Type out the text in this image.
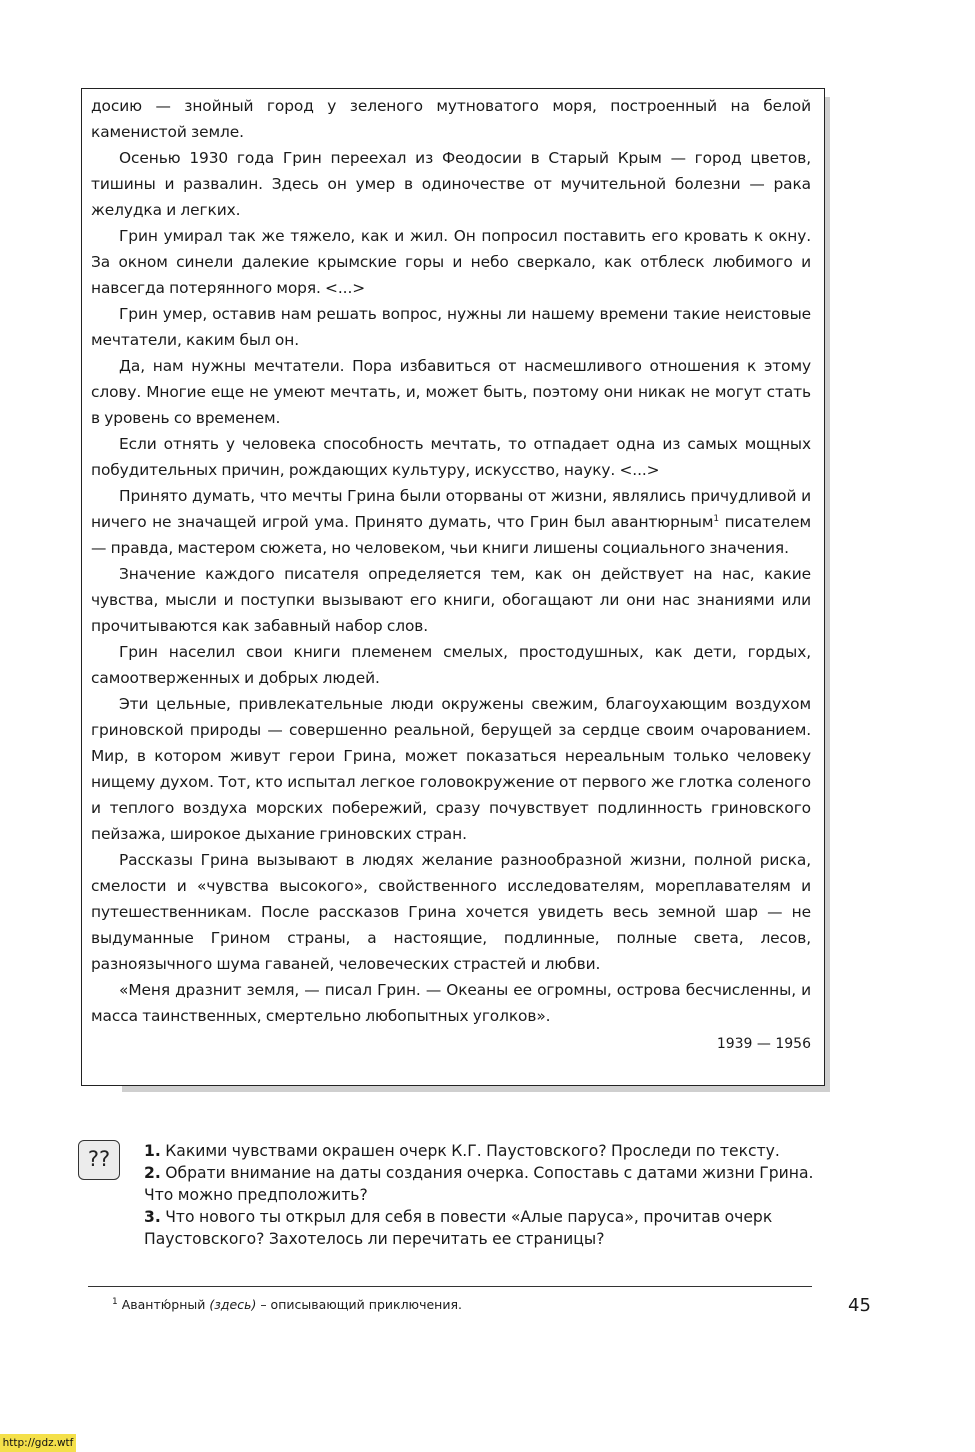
досию — знойный город у зеленого мутноватого моря, построенный на белой каменистой земле.

Осенью 1930 года Грин переехал из Феодосии в Старый Крым — город цветов, тишины и развалин. Здесь он умер в одиночестве от мучительной болезни — рака желудка и легких.

Грин умирал так же тяжело, как и жил. Он попросил поставить его кровать к окну. За окном синели далекие крымские горы и небо сверкало, как отблеск любимого и навсегда потерянного моря. <...>

Грин умер, оставив нам решать вопрос, нужны ли нашему времени такие неистовые мечтатели, каким был он.

Да, нам нужны мечтатели. Пора избавиться от насмешливого отношения к этому слову. Многие еще не умеют мечтать, и, может быть, поэтому они никак не могут стать в уровень со временем.

Если отнять у человека способность мечтать, то отпадает одна из самых мощных побудительных причин, рождающих культуру, искусство, науку. <...>

Принято думать, что мечты Грина были оторваны от жизни, являлись причудливой и ничего не значащей игрой ума. Принято думать, что Грин был авантюрным$^1$ писателем — правда, мастером сюжета, но человеком, чьи книги лишены социального значения.

Значение каждого писателя определяется тем, как он действует на нас, какие чувства, мысли и поступки вызывают его книги, обогащают ли они нас знаниями или прочитываются как забавный набор слов.

Грин населил свои книги племенем смелых, простодушных, как дети, гордых, самоотверженных и добрых людей.

Эти цельные, привлекательные люди окружены свежим, благоухающим воздухом гриновской природы — совершенно реальной, берущей за сердце своим очарованием. Мир, в котором живут герои Грина, может показаться нереальным только человеку нищему духом. Тот, кто испытал легкое головокружение от первого же глотка соленого и теплого воздуха морских побережий, сразу почувствует подлинность гриновского пейзажа, широкое дыхание гриновских стран.

Рассказы Грина вызывают в людях желание разнообразной жизни, полной риска, смелости и «чувства высокого», свойственного исследователям, мореплавателям и путешественникам. После рассказов Грина хочется увидеть весь земной шар — не выдуманные Грином страны, а настоящие, подлинные, полные света, лесов, разноязычного шума гаваней, человеческих страстей и любви.

«Меня дразнит земля, — писал Грин. — Океаны ее огромны, острова бесчисленны, и масса таинственных, смертельно любопытных уголков».

1939 — 1956
??	1. Какими чувствами окрашен очерк К.Г. Паустовского? Проследи по тексту.
2. Обрати внимание на даты создания очерка. Сопоставь с датами жизни Грина. Что можно предположить?
3. Что нового ты открыл для себя в повести «Алые паруса», прочитав очерк Паустовского? Захотелось ли перечитать ее страницы?
$^1$ Авантю́рный (здесь) – описывающий приключения.	45
http://gdz.wtf
